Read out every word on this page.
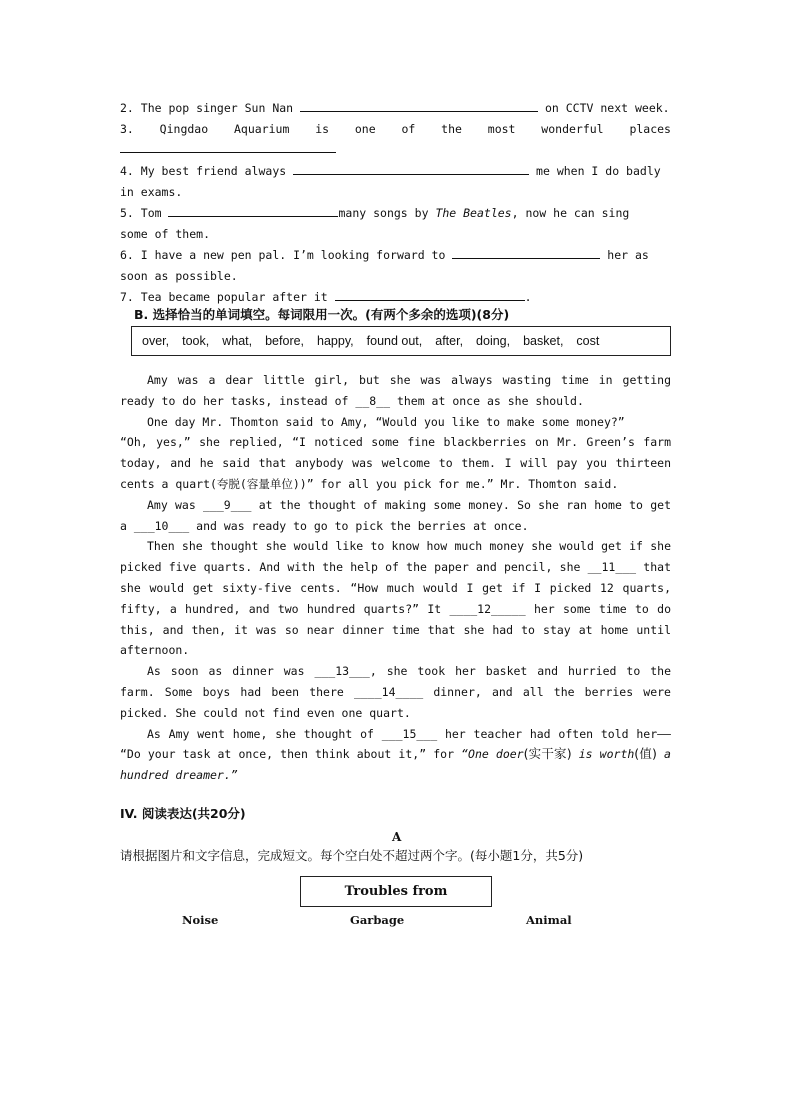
2. The pop singer Sun Nan	on CCTV next week.
3. Qingdao Aquarium is one of the most wonderful places
4. My best friend always	me when I do badly
in exams.
5. Tom	many songs by The Beatles, now he can sing
some of them.
6. I have a new pen pal. I’m looking forward to	her as
soon as possible.
7. Tea became popular after it	.
B. 选择恰当的单词填空。每词限用一次。(有两个多余的选项)(8分)
over, took, what, before, happy, found out, after, doing, basket, cost

Amy was a dear little girl, but she was always wasting time in getting ready to do her tasks, instead of __8__ them at once as she should.

One day Mr. Thomton said to Amy, “Would you like to make some money?”

“Oh, yes,” she replied, “I noticed some fine blackberries on Mr. Green’s farm today, and he said that anybody was welcome to them. I will pay you thirteen cents a quart(夸脱(容量单位))” for all you pick for me.” Mr. Thomton said.

Amy was ___9___ at the thought of making some money. So she ran home to get a ___10___ and was ready to go to pick the berries at once.

Then she thought she would like to know how much money she would get if she picked five quarts. And with the help of the paper and pencil, she __11___ that she would get sixty-five cents. “How much would I get if I picked 12 quarts, fifty, a hundred, and two hundred quarts?” It ____12_____ her some time to do this, and then, it was so near dinner time that she had to stay at home until afternoon.

As soon as dinner was ___13___, she took her basket and hurried to the farm. Some boys had been there ____14____ dinner, and all the berries were picked. She could not find even one quart.

As Amy went home, she thought of ___15___ her teacher had often told her—— “Do your task at once, then think about it,” for “One doer(实干家) is worth(值) a hundred dreamer.”

IV. 阅读表达(共20分)
A
请根据图片和文字信息，完成短文。每个空白处不超过两个字。(每小题1分，共5分)
Troubles from
Noise	Garbage	Animal
